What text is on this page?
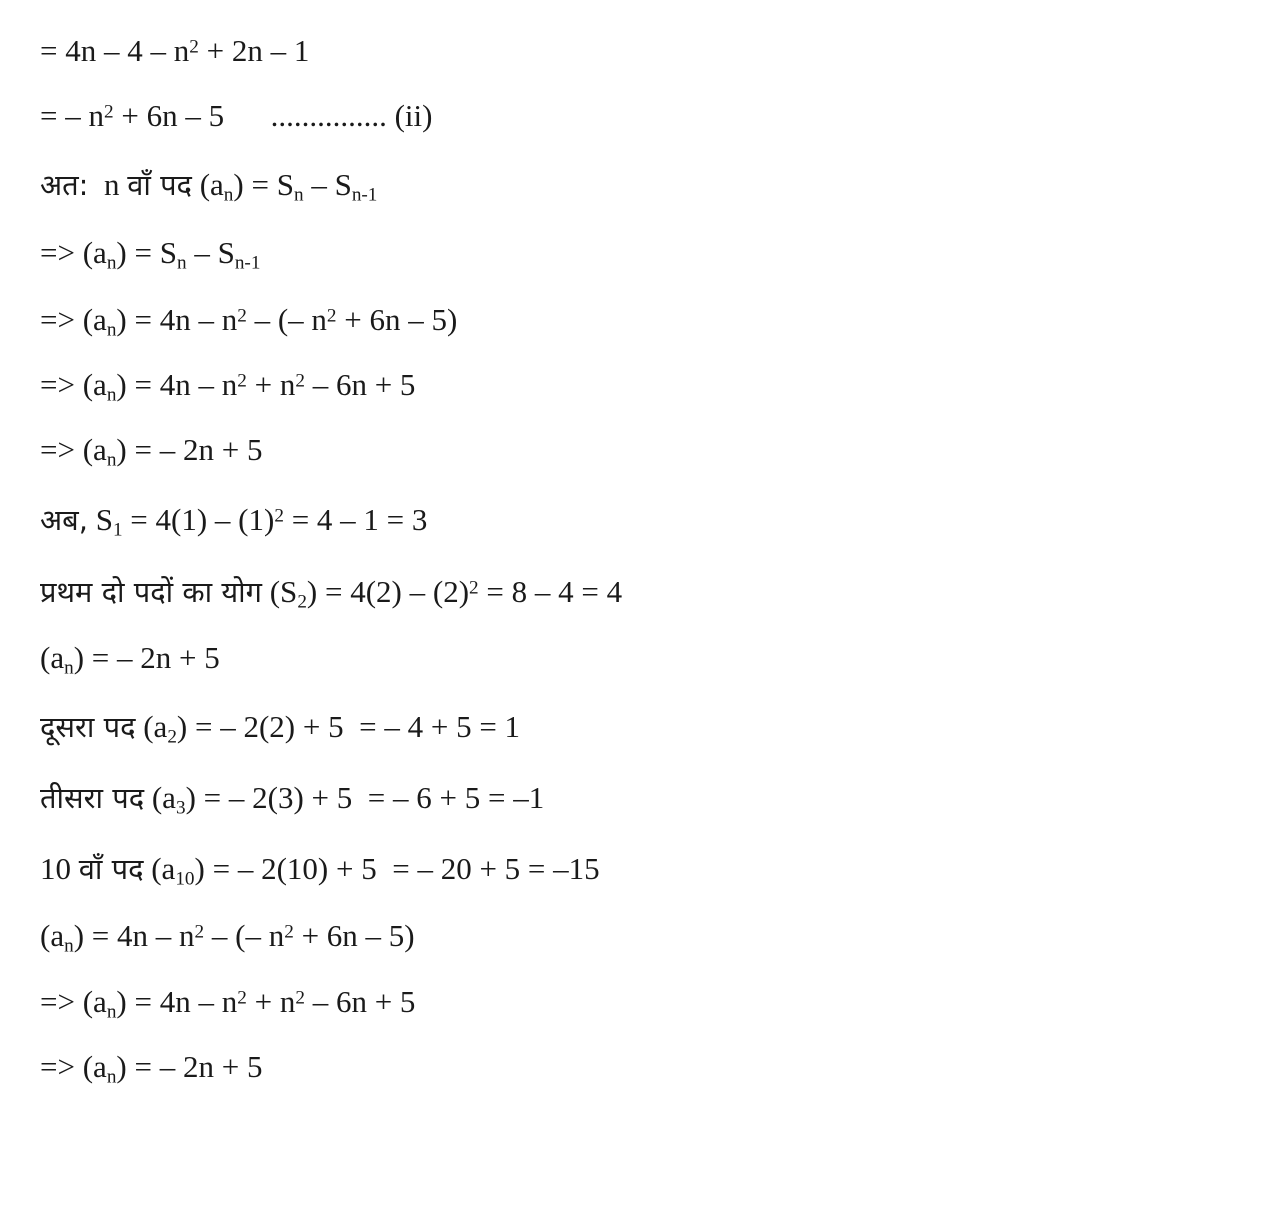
= $4n - 4 - n^2 + 2n - 1$
= – $n^2 + 6n - 5$      ............... (ii)
अत:  n वाँ पद $(a_n) = S_n - S_{n-1}$
=> $(a_n) = S_n - S_{n-1}$
=> $(a_n) = 4n - n^2$ – (– $n^2 + 6n - 5$)
=> $(a_n) = 4n - n^2 + n^2 - 6n + 5$
=> $(a_n)$ = – 2n + 5
अब, $S_1 = 4(1) - (1)^2 = 4 - 1 = 3$
प्रथम दो पदों का योग $(S_2) = 4(2) - (2)^2 = 8 - 4 = 4$
$(a_n)$ = – 2n + 5
दूसरा पद $(a_2)$ = – 2(2) + 5  = – 4 + 5 = 1
तीसरा पद $(a_3)$ = – 2(3) + 5  = – 6 + 5 = –1
10 वाँ पद $(a_{10})$ = – 2(10) + 5  = – 20 + 5 = –15
$(a_n) = 4n - n^2$ – (– $n^2 + 6n - 5$)
=> $(a_n) = 4n - n^2 + n^2 - 6n + 5$
=> $(a_n)$ = – 2n + 5
